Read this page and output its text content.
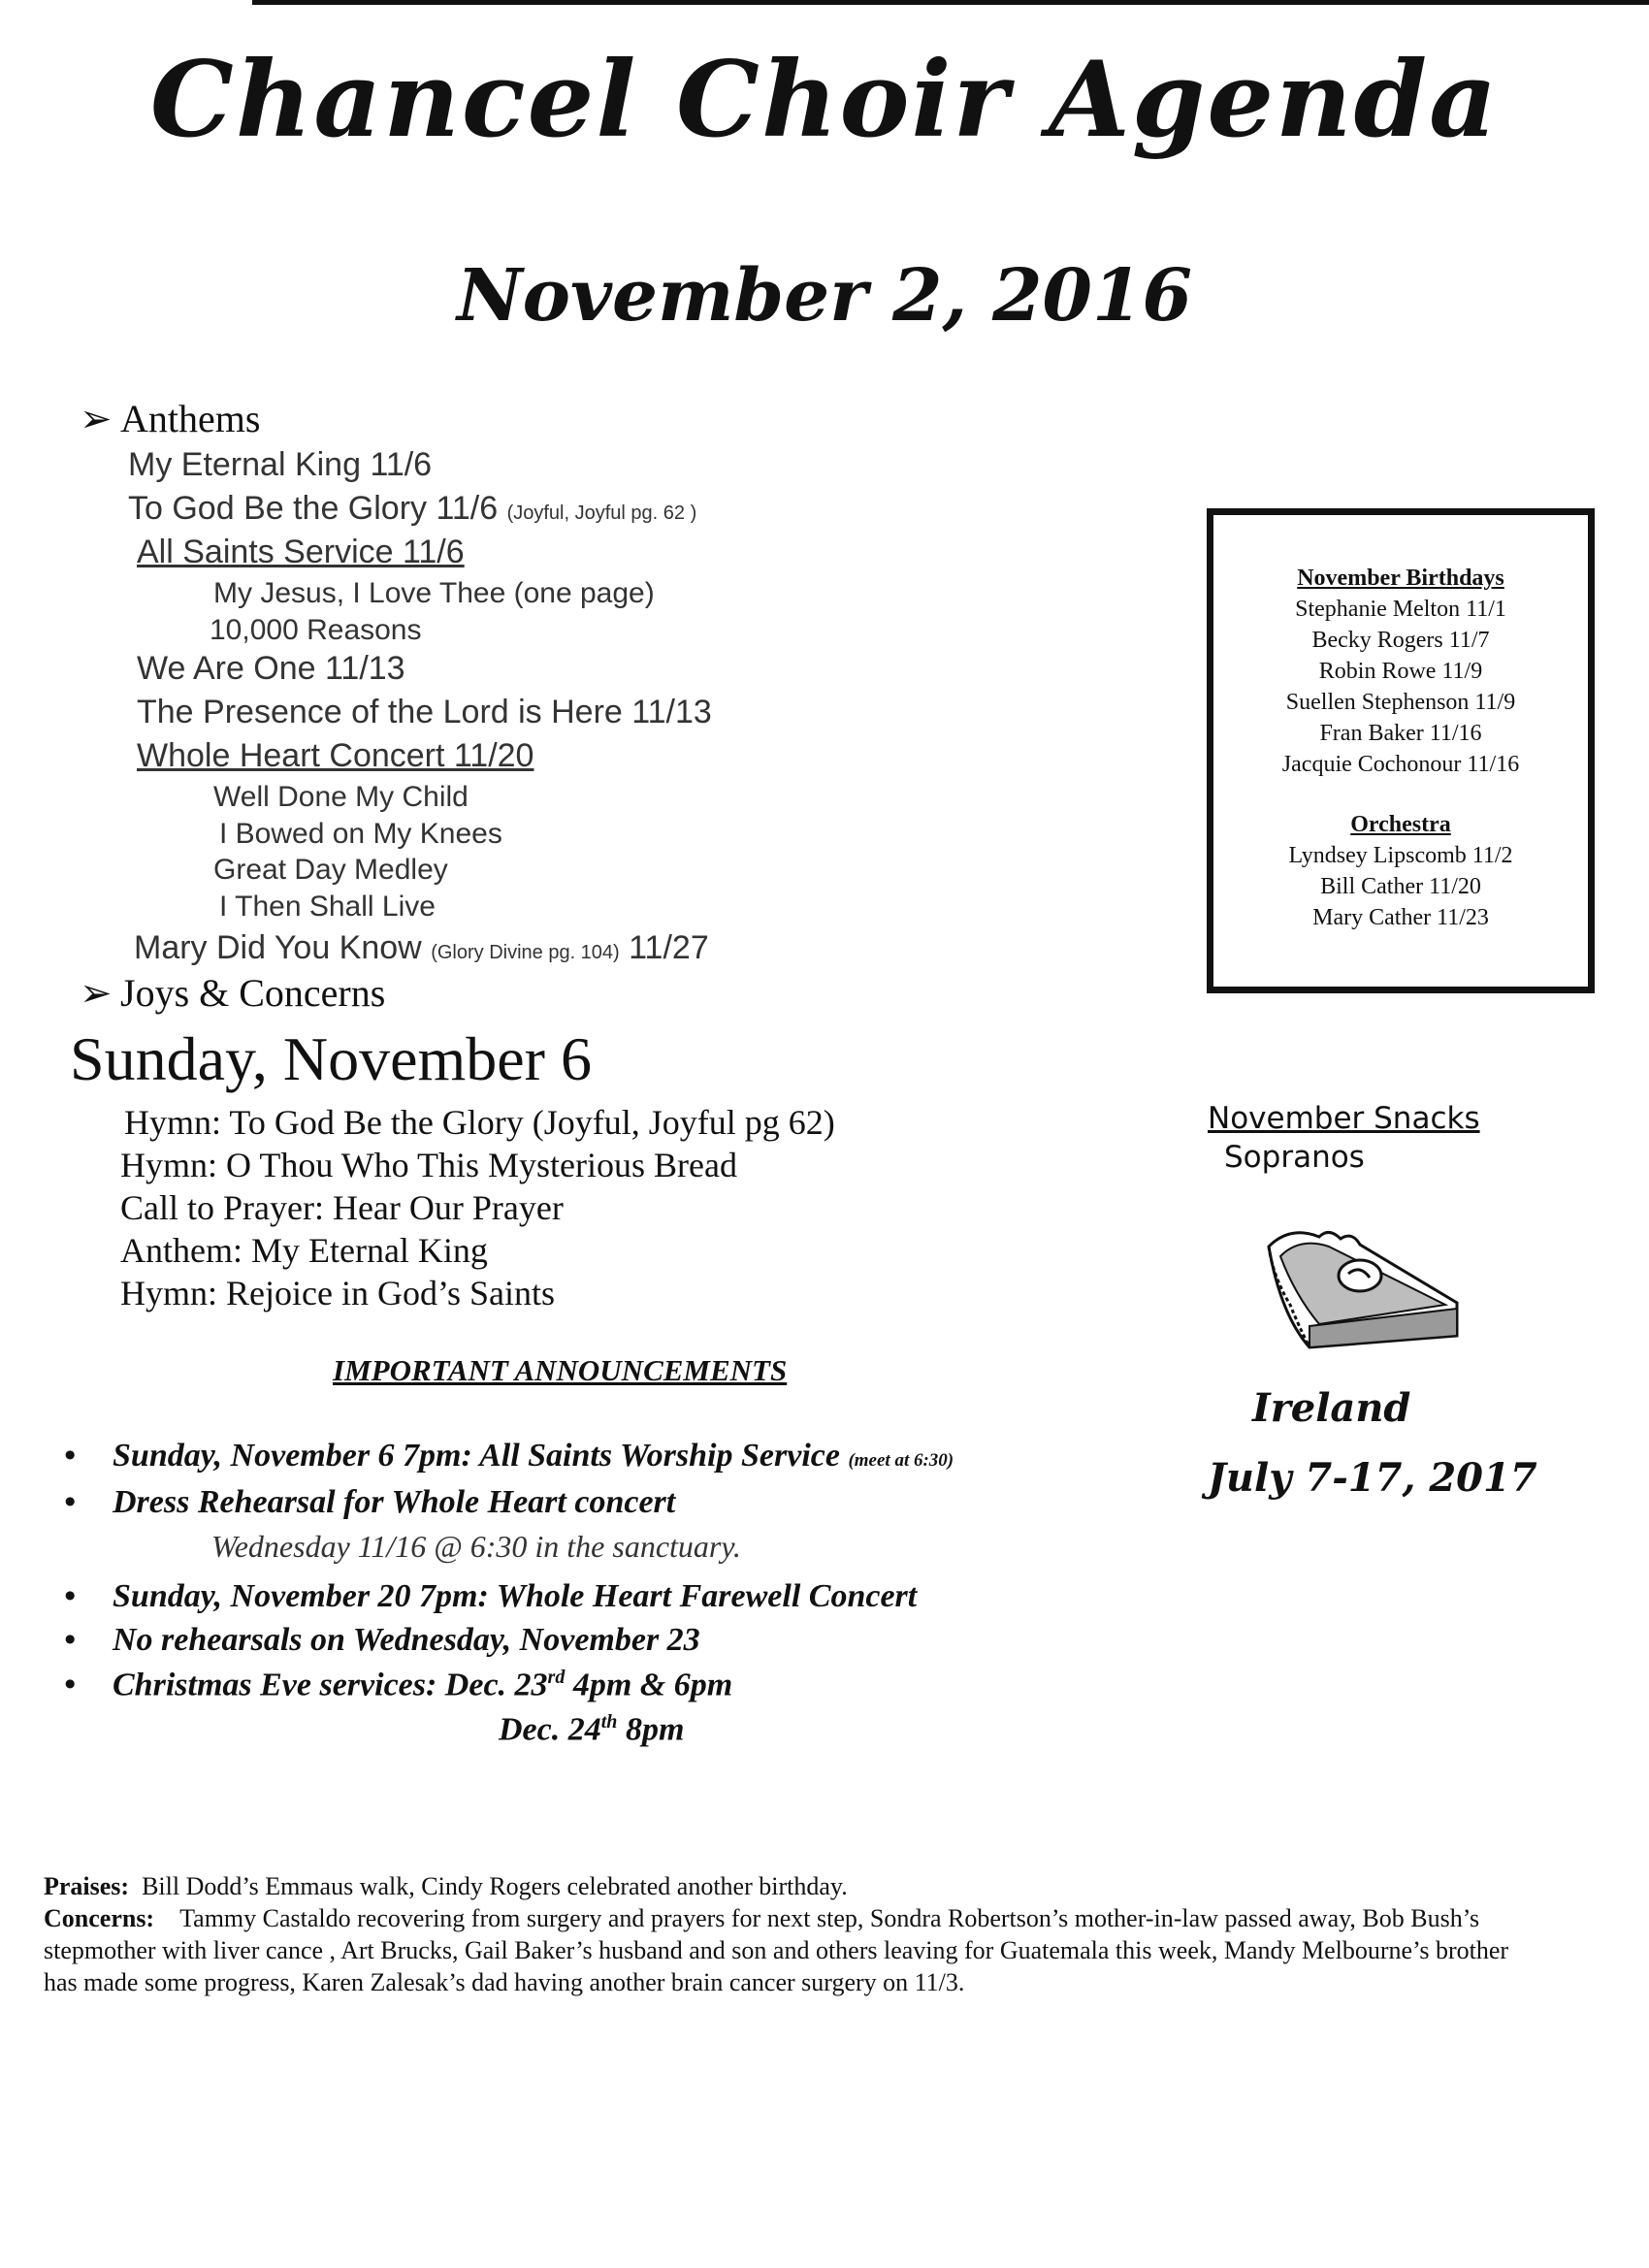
Chancel Choir Agenda
November 2, 2016
➢ Anthems
My Eternal King 11/6
To God Be the Glory 11/6 (Joyful, Joyful pg. 62 )
All Saints Service 11/6
My Jesus, I Love Thee (one page)
10,000 Reasons
We Are One 11/13
The Presence of the Lord is Here 11/13
Whole Heart Concert 11/20
Well Done My Child
I Bowed on My Knees
Great Day Medley
I Then Shall Live
Mary Did You Know (Glory Divine pg. 104) 11/27
➢ Joys & Concerns
Sunday, November 6
Hymn: To God Be the Glory (Joyful, Joyful pg 62)
Hymn: O Thou Who This Mysterious Bread
Call to Prayer: Hear Our Prayer
Anthem: My Eternal King
Hymn: Rejoice in God’s Saints
IMPORTANT ANNOUNCEMENTS
• Sunday, November 6 7pm: All Saints Worship Service (meet at 6:30)
• Dress Rehearsal for Whole Heart concert
Wednesday 11/16 @ 6:30 in the sanctuary.
• Sunday, November 20 7pm: Whole Heart Farewell Concert
• No rehearsals on Wednesday, November 23
• Christmas Eve services: Dec. 23rd 4pm & 6pm
Dec. 24th 8pm
November Birthdays
Stephanie Melton 11/1
Becky Rogers 11/7
Robin Rowe 11/9
Suellen Stephenson 11/9
Fran Baker 11/16
Jacquie Cochonour 11/16
Orchestra
Lyndsey Lipscomb 11/2
Bill Cather 11/20
Mary Cather 11/23
November Snacks
Sopranos
Ireland
July 7-17, 2017
Praises: Bill Dodd’s Emmaus walk, Cindy Rogers celebrated another birthday.
Concerns: Tammy Castaldo recovering from surgery and prayers for next step, Sondra Robertson’s mother-in-law passed away, Bob Bush’s stepmother with liver cance , Art Brucks, Gail Baker’s husband and son and others leaving for Guatemala this week, Mandy Melbourne’s brother has made some progress, Karen Zalesak’s dad having another brain cancer surgery on 11/3.
